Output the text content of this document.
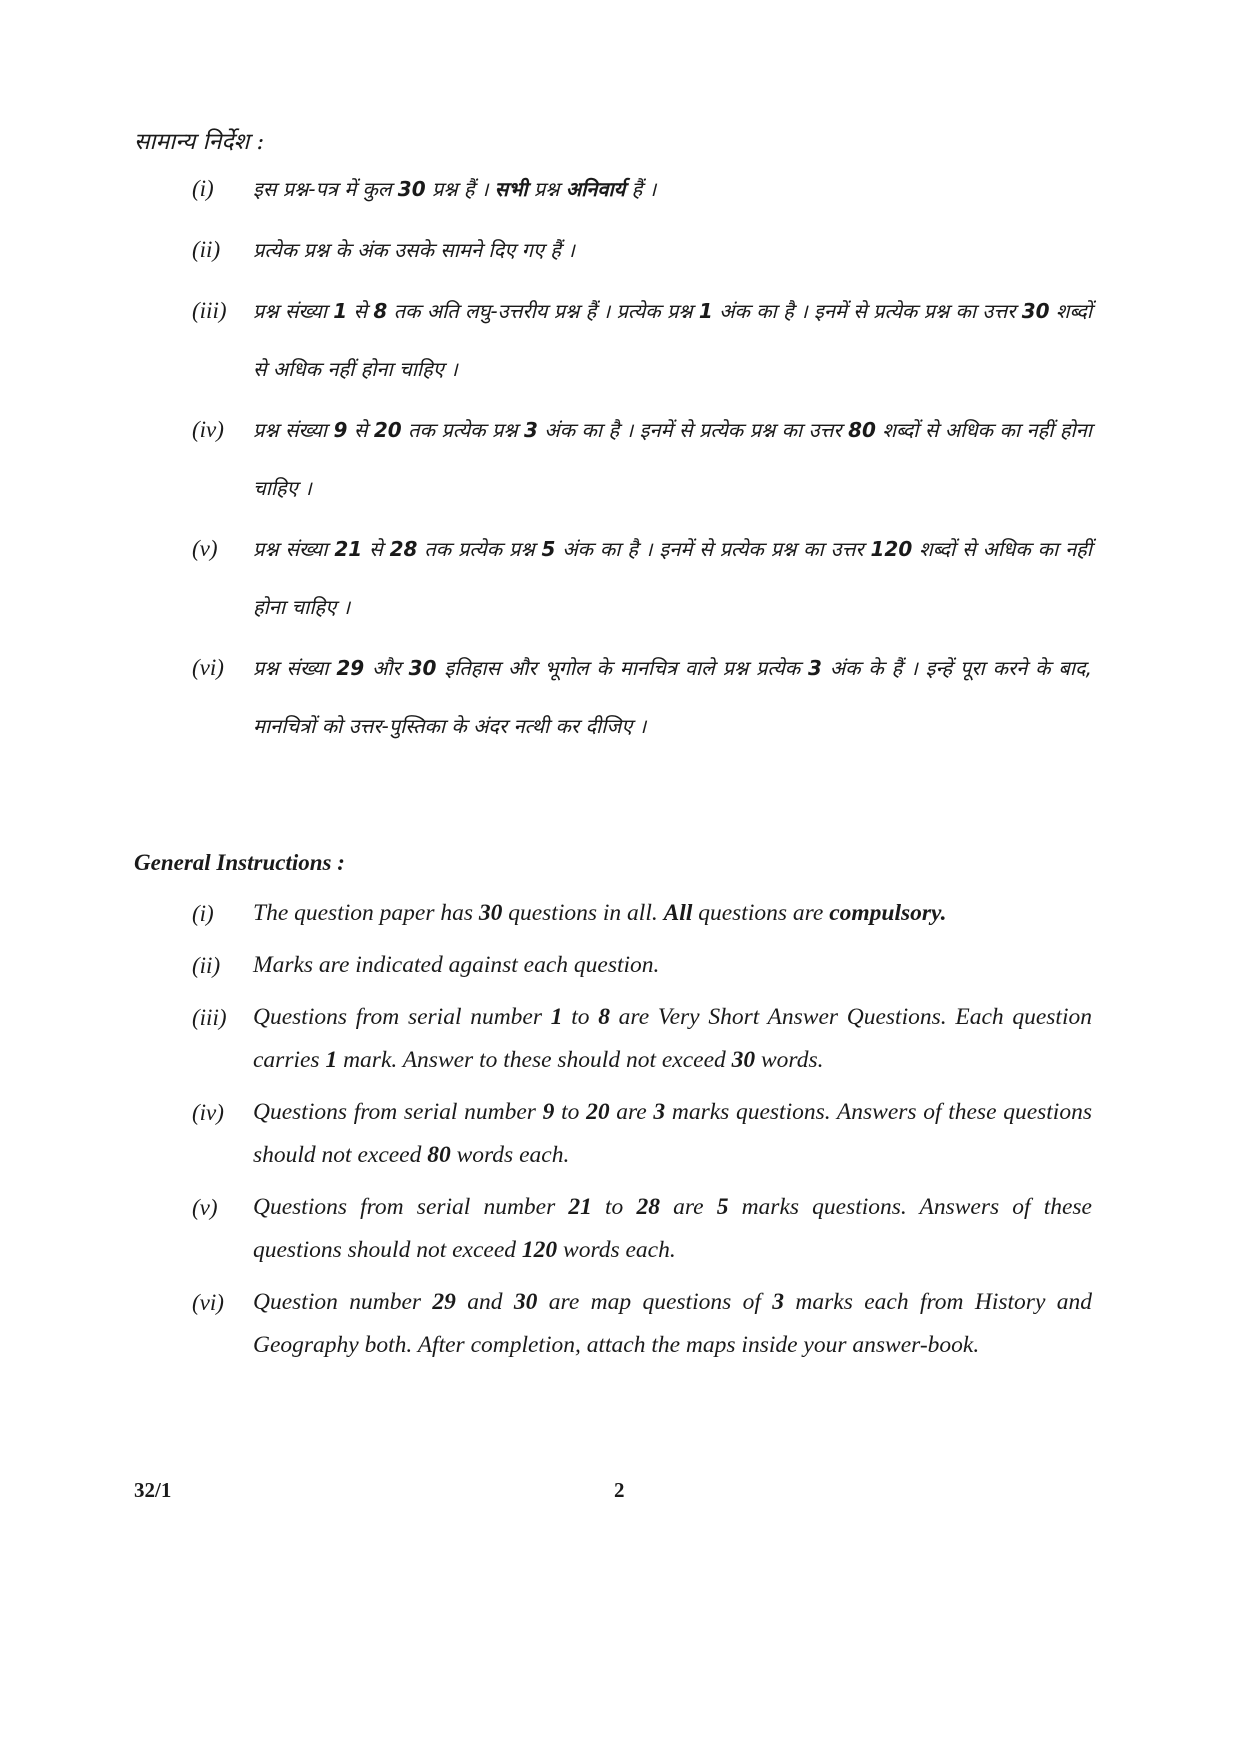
सामान्य निर्देश :
(i) इस प्रश्न-पत्र में कुल 30 प्रश्न हैं । सभी प्रश्न अनिवार्य हैं ।
(ii) प्रत्येक प्रश्न के अंक उसके सामने दिए गए हैं ।
(iii) प्रश्न संख्या 1 से 8 तक अति लघु-उत्तरीय प्रश्न हैं । प्रत्येक प्रश्न 1 अंक का है । इनमें से प्रत्येक प्रश्न का उत्तर 30 शब्दों से अधिक नहीं होना चाहिए ।
(iv) प्रश्न संख्या 9 से 20 तक प्रत्येक प्रश्न 3 अंक का है । इनमें से प्रत्येक प्रश्न का उत्तर 80 शब्दों से अधिक का नहीं होना चाहिए ।
(v) प्रश्न संख्या 21 से 28 तक प्रत्येक प्रश्न 5 अंक का है । इनमें से प्रत्येक प्रश्न का उत्तर 120 शब्दों से अधिक का नहीं होना चाहिए ।
(vi) प्रश्न संख्या 29 और 30 इतिहास और भूगोल के मानचित्र वाले प्रश्न प्रत्येक 3 अंक के हैं । इन्हें पूरा करने के बाद, मानचित्रों को उत्तर-पुस्तिका के अंदर नत्थी कर दीजिए ।
General Instructions :
(i) The question paper has 30 questions in all. All questions are compulsory.
(ii) Marks are indicated against each question.
(iii) Questions from serial number 1 to 8 are Very Short Answer Questions. Each question carries 1 mark. Answer to these should not exceed 30 words.
(iv) Questions from serial number 9 to 20 are 3 marks questions. Answers of these questions should not exceed 80 words each.
(v) Questions from serial number 21 to 28 are 5 marks questions. Answers of these questions should not exceed 120 words each.
(vi) Question number 29 and 30 are map questions of 3 marks each from History and Geography both. After completion, attach the maps inside your answer-book.
32/1	2
